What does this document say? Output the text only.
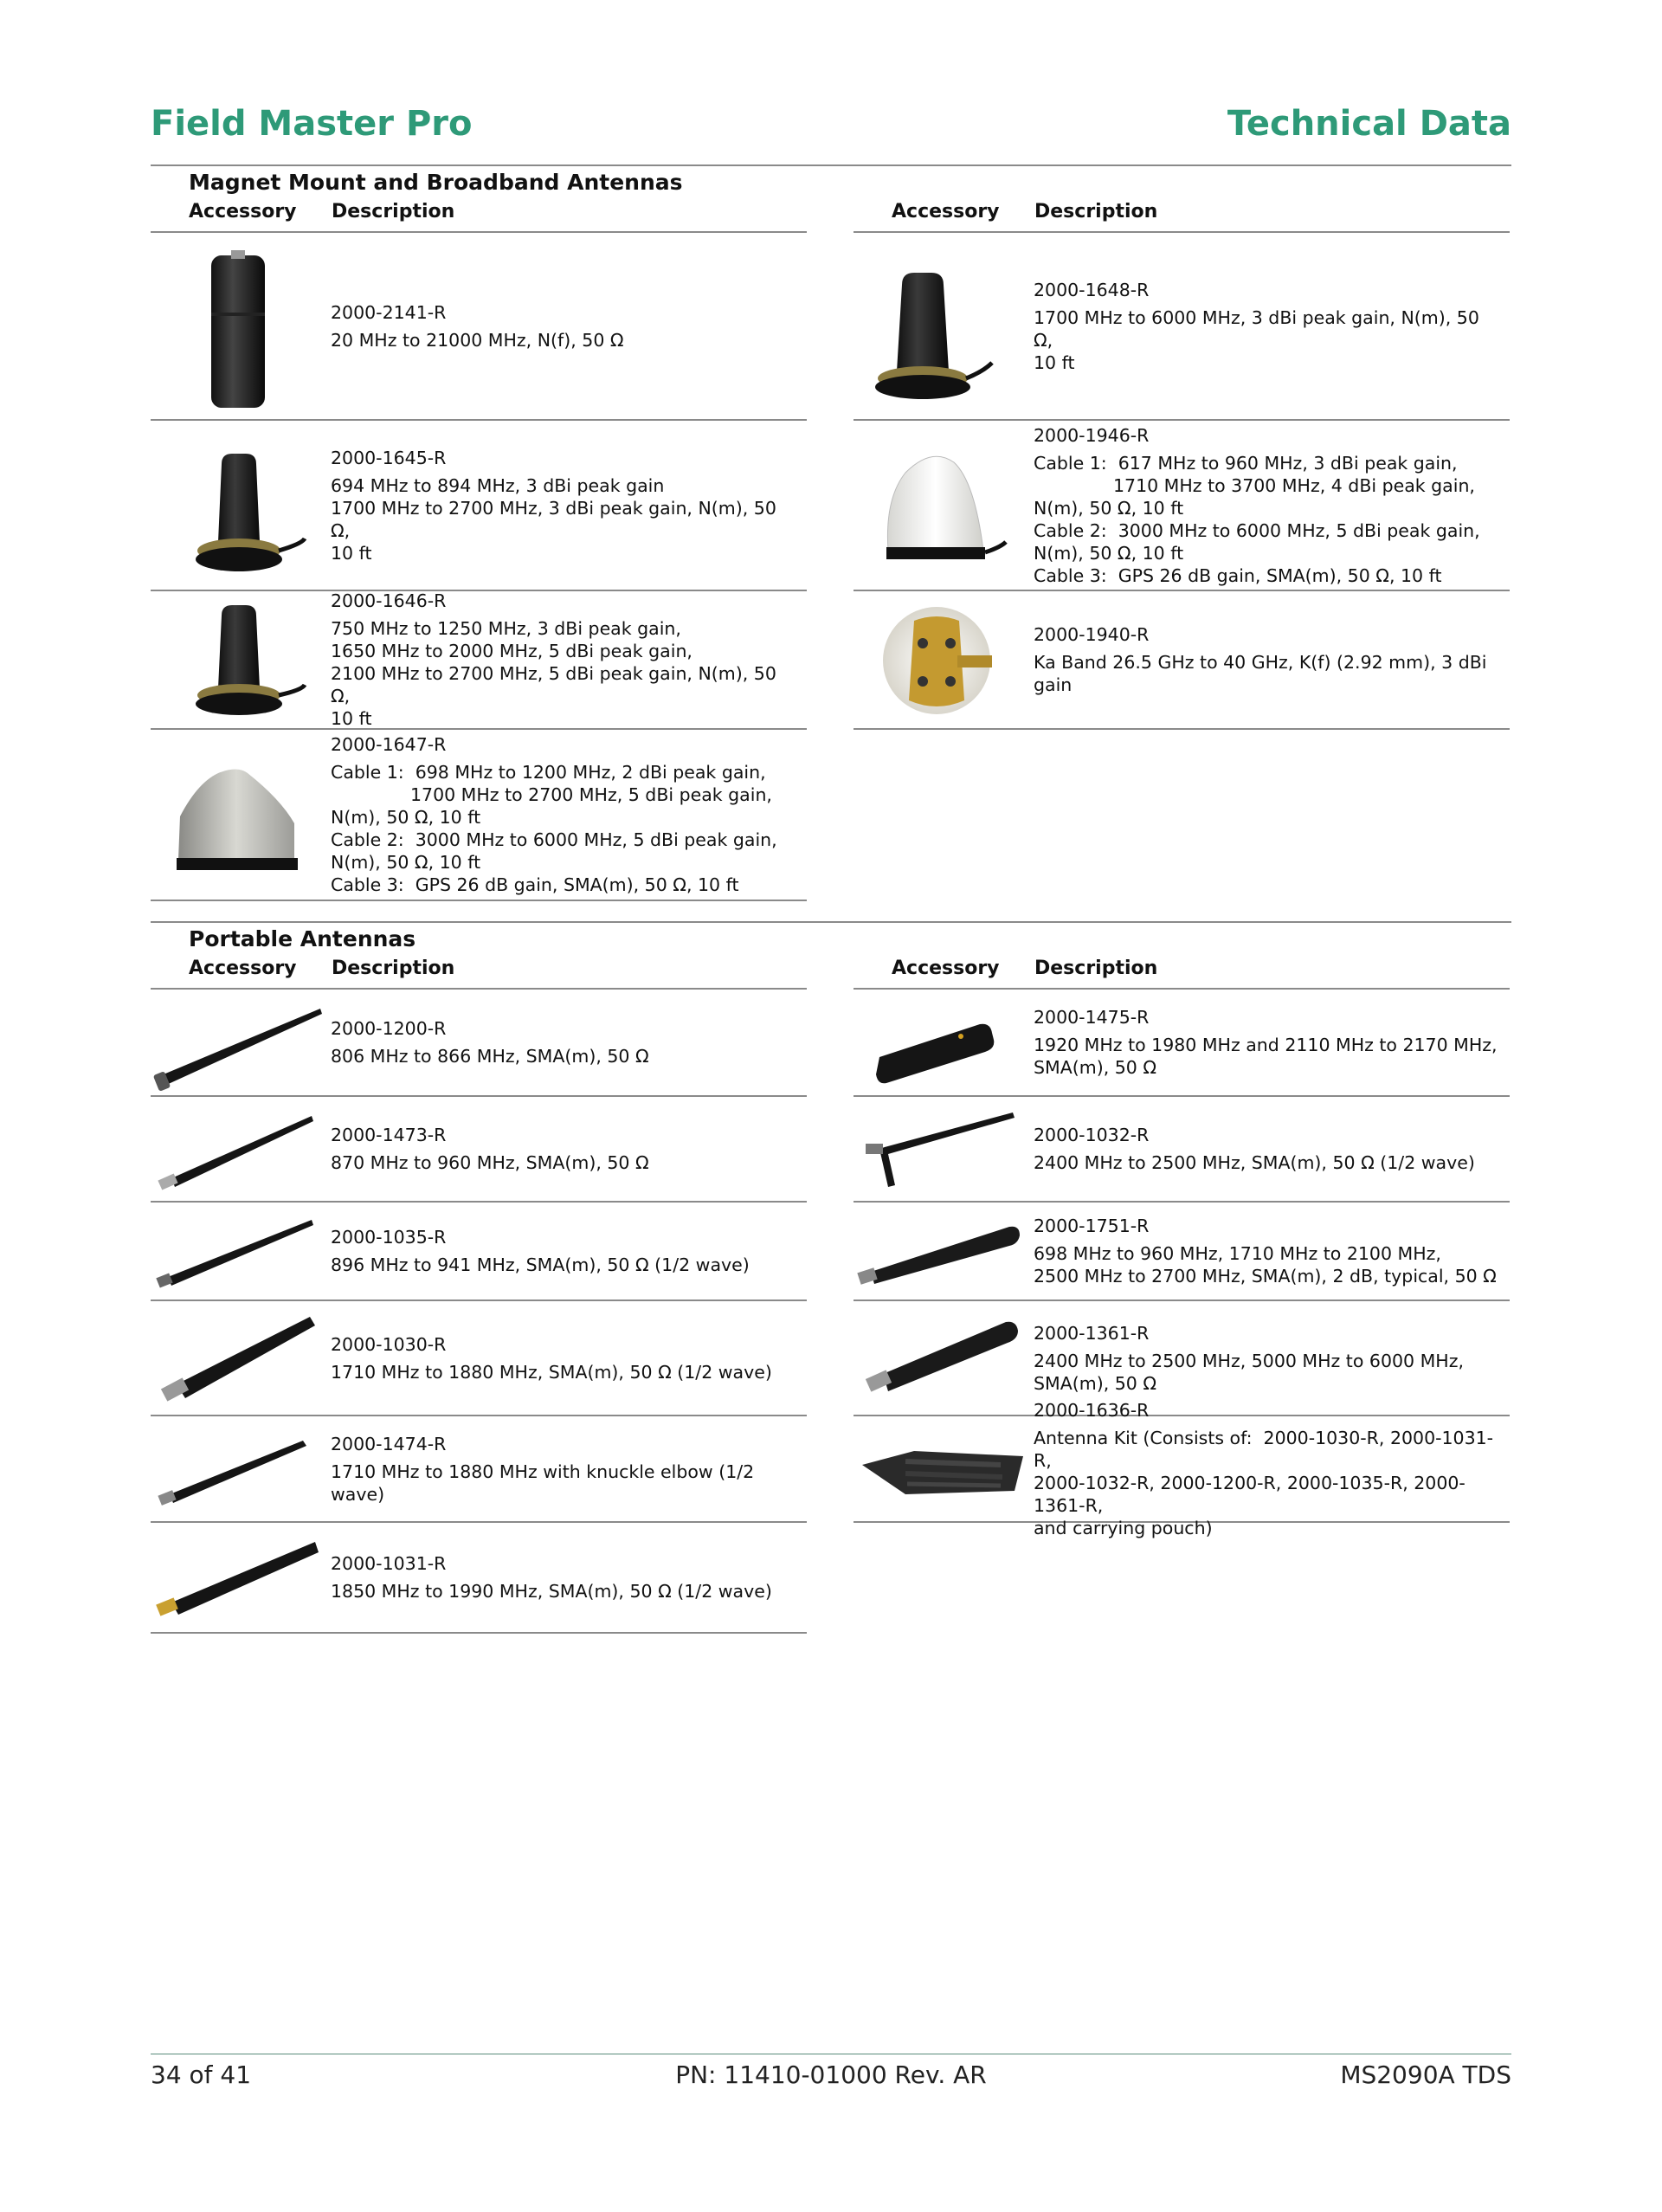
Field Master Pro	Technical Data
Magnet Mount and Broadband Antennas
Accessory Description	Accessory Description
2000-2141-R
20 MHz to 21000 MHz, N(f), 50 Ω
2000-1645-R
694 MHz to 894 MHz, 3 dBi peak gain
1700 MHz to 2700 MHz, 3 dBi peak gain, N(m), 50 Ω,
10 ft
2000-1646-R
750 MHz to 1250 MHz, 3 dBi peak gain,
1650 MHz to 2000 MHz, 5 dBi peak gain,
2100 MHz to 2700 MHz, 5 dBi peak gain, N(m), 50 Ω,
10 ft
2000-1647-R
Cable 1:  698 MHz to 1200 MHz, 2 dBi peak gain,
1700 MHz to 2700 MHz, 5 dBi peak gain,
N(m), 50 Ω, 10 ft
Cable 2:  3000 MHz to 6000 MHz, 5 dBi peak gain,
N(m), 50 Ω, 10 ft
Cable 3:  GPS 26 dB gain, SMA(m), 50 Ω, 10 ft
2000-1648-R
1700 MHz to 6000 MHz, 3 dBi peak gain, N(m), 50 Ω,
10 ft
2000-1946-R
Cable 1:  617 MHz to 960 MHz, 3 dBi peak gain,
1710 MHz to 3700 MHz, 4 dBi peak gain,
N(m), 50 Ω, 10 ft
Cable 2:  3000 MHz to 6000 MHz, 5 dBi peak gain,
N(m), 50 Ω, 10 ft
Cable 3:  GPS 26 dB gain, SMA(m), 50 Ω, 10 ft
2000-1940-R
Ka Band 26.5 GHz to 40 GHz, K(f) (2.92 mm), 3 dBi
gain
Portable Antennas
Accessory Description	Accessory Description
2000-1200-R
806 MHz to 866 MHz, SMA(m), 50 Ω
2000-1473-R
870 MHz to 960 MHz, SMA(m), 50 Ω
2000-1035-R
896 MHz to 941 MHz, SMA(m), 50 Ω (1/2 wave)
2000-1030-R
1710 MHz to 1880 MHz, SMA(m), 50 Ω (1/2 wave)
2000-1474-R
1710 MHz to 1880 MHz with knuckle elbow (1/2 wave)
2000-1031-R
1850 MHz to 1990 MHz, SMA(m), 50 Ω (1/2 wave)
2000-1475-R
1920 MHz to 1980 MHz and 2110 MHz to 2170 MHz,
SMA(m), 50 Ω
2000-1032-R
2400 MHz to 2500 MHz, SMA(m), 50 Ω (1/2 wave)
2000-1751-R
698 MHz to 960 MHz, 1710 MHz to 2100 MHz,
2500 MHz to 2700 MHz, SMA(m), 2 dB, typical, 50 Ω
2000-1361-R
2400 MHz to 2500 MHz, 5000 MHz to 6000 MHz,
SMA(m), 50 Ω
2000-1636-R
Antenna Kit (Consists of:  2000-1030-R, 2000-1031-R,
2000-1032-R, 2000-1200-R, 2000-1035-R, 2000-1361-R,
and carrying pouch)
34 of 41	PN: 11410-01000 Rev. AR	MS2090A TDS
